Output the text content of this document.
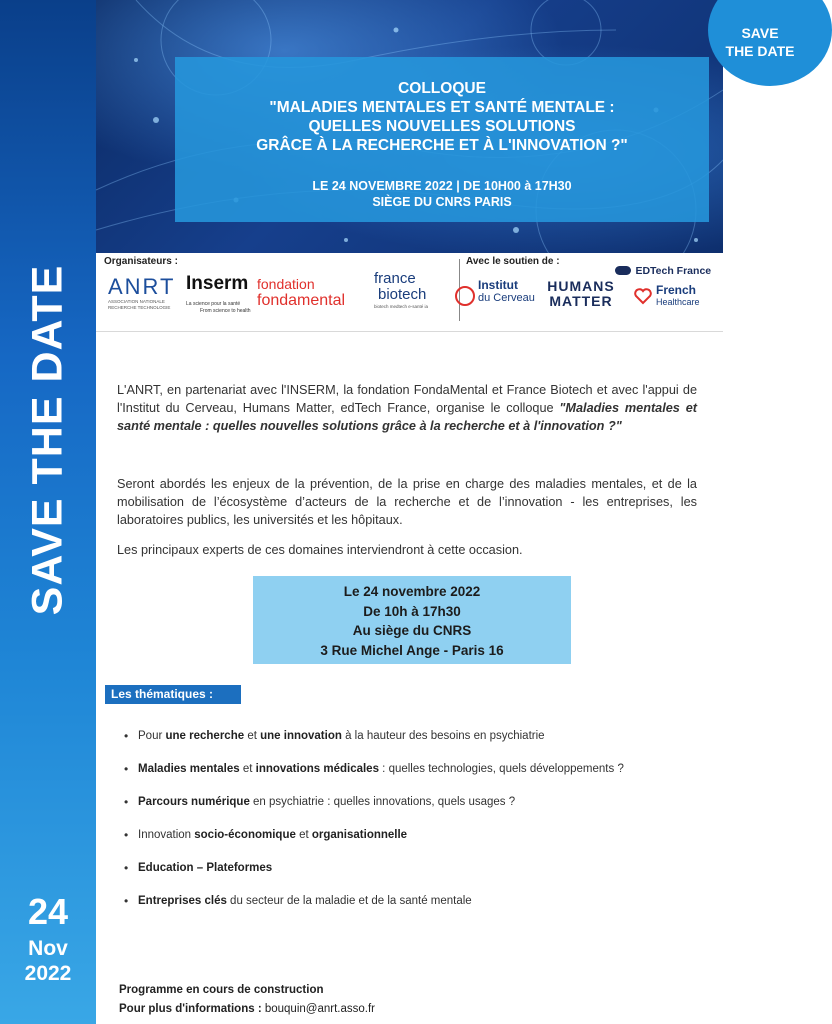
SAVE THE DATE
24
Nov
2022
COLLOQUE
"MALADIES MENTALES ET SANTÉ MENTALE :
QUELLES NOUVELLES SOLUTIONS
GRÂCE À LA RECHERCHE ET À L'INNOVATION ?"
LE 24 NOVEMBRE 2022 | DE 10H00 à 17H30
SIÈGE DU CNRS PARIS
SAVE
THE DATE
Organisateurs :	Avec le soutien de :
ANRT
ASSOCIATION NATIONALE
RECHERCHE TECHNOLOGIE
Inserm
La science pour la santé
From science to health
fondation
fondamental
france
biotech
biotech medtech e-santé ia
Institut
du Cerveau
HUMANS
MATTER
EDTech France
French
Healthcare

L'ANRT, en partenariat avec l'INSERM, la fondation FondaMental et France Biotech et avec l'appui de l'Institut du Cerveau, Humans Matter, edTech France, organise le colloque "Maladies mentales et santé mentale : quelles nouvelles solutions grâce à la recherche et à l'innovation ?"

Seront abordés les enjeux de la prévention, de la prise en charge des maladies mentales, et de la mobilisation de l’écosystème d’acteurs de la recherche et de l’innovation - les entreprises, les laboratoires publics, les universités et les hôpitaux.

Les principaux experts de ces domaines interviendront à cette occasion.

Le 24 novembre 2022
De 10h à 17h30
Au siège du CNRS
3 Rue Michel Ange - Paris 16
Les thématiques :
• Pour une recherche et une innovation à la hauteur des besoins en psychiatrie
• Maladies mentales et innovations médicales : quelles technologies, quels développements ?
• Parcours numérique en psychiatrie : quelles innovations, quels usages ?
• Innovation socio-économique et organisationnelle
• Education – Plateformes
• Entreprises clés du secteur de la maladie et de la santé mentale
Programme en cours de construction
Pour plus d'informations : bouquin@anrt.asso.fr
